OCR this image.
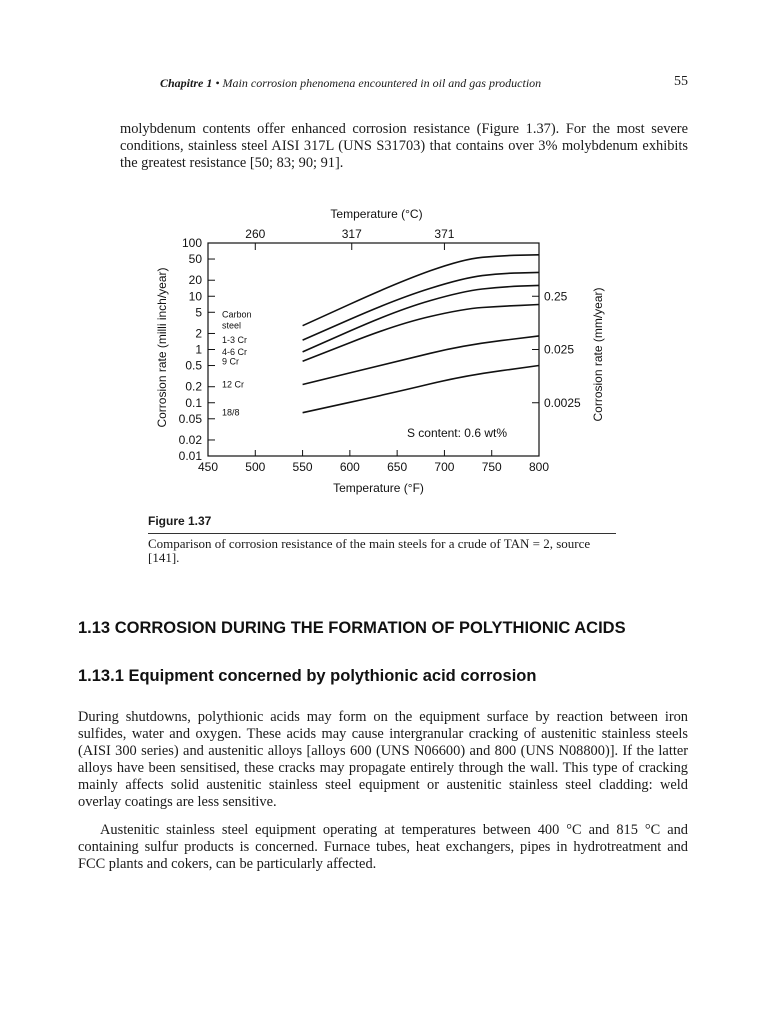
Chapitre 1 • Main corrosion phenomena encountered in oil and gas production	55

molybdenum contents offer enhanced corrosion resistance (Figure 1.37). For the most severe conditions, stainless steel AISI 317L (UNS S31703) that contains over 3% molybdenum exhibits the greatest resistance [50; 83; 90; 91].

100
50
20
10
5
2
1
0.5
0.2
0.1
0.05
0.02
0.01
450 500 550 600 650 700 750 800
260	317	371
0.25
0.025
0.0025
Temperature (°F)
Temperature (°C)
Corrosion rate (milli inch/year)	Corrosion rate (mm/year)
S content: 0.6 wt%
Carbon
steel
1-3 Cr
4-6 Cr
9 Cr
12 Cr
18/8
Figure 1.37

Comparison of corrosion resistance of the main steels for a crude of TAN = 2, source [141].

1.13 CORROSION DURING THE FORMATION OF POLYTHIONIC ACIDS
1.13.1 Equipment concerned by polythionic acid corrosion

During shutdowns, polythionic acids may form on the equipment surface by reaction between iron sulfides, water and oxygen. These acids may cause intergranular cracking of austenitic stainless steels (AISI 300 series) and austenitic alloys [alloys 600 (UNS N06600) and 800 (UNS N08800)]. If the latter alloys have been sensitised, these cracks may propagate entirely through the wall. This type of cracking mainly affects solid austenitic stainless steel equipment or austenitic stainless steel cladding: weld overlay coatings are less sensitive.

Austenitic stainless steel equipment operating at temperatures between 400 °C and 815 °C and containing sulfur products is concerned. Furnace tubes, heat exchangers, pipes in hydrotreatment and FCC plants and cokers, can be particularly affected.
